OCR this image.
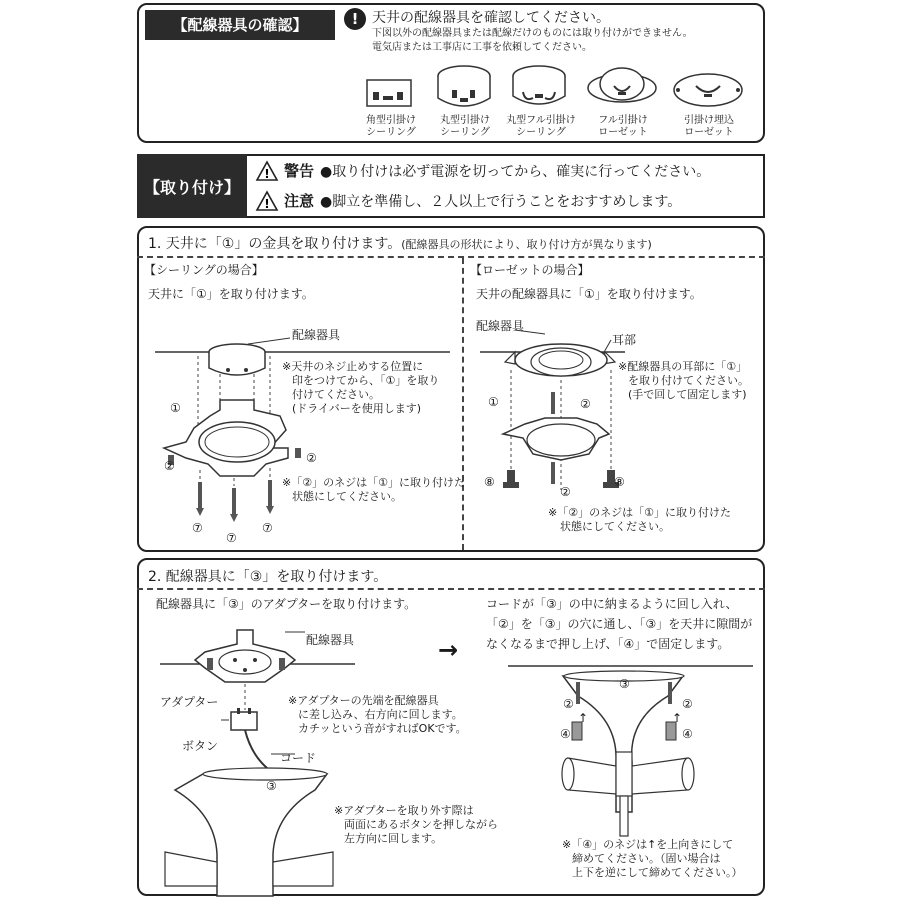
【配線器具の確認】	! 天井の配線器具を確認してください。
下図以外の配線器具または配線だけのものには取り付けができません。
電気店または工事店に工事を依頼してください。
角型引掛け
シーリング
丸型引掛け
シーリング
丸型フル引掛け
シーリング
フル引掛け
ローゼット
引掛け埋込
ローゼット
【取り付け】
! 警告 ●取り付けは必ず電源を切ってから、確実に行ってください。
! 注意 ●脚立を準備し、２人以上で行うことをおすすめします。
1. 天井に「①」の金具を取り付けます。(配線器具の形状により、取り付け方が異なります)
【シーリングの場合】
天井に「①」を取り付けます。
配線器具
①
②
②
⑦
⑦
⑦
※天井のネジ止めする位置に
印をつけてから、「①」を取り
付けてください。
(ドライバーを使用します)
※「②」のネジは「①」に取り付けた
状態にしてください。
【ローゼットの場合】
天井の配線器具に「①」を取り付けます。
配線器具
耳部
①	②
②
⑧	⑧
※配線器具の耳部に「①」
を取り付けてください。
(手で回して固定します)
※「②」のネジは「①」に取り付けた
状態にしてください。
2. 配線器具に「③」を取り付けます。
配線器具に「③」のアダプターを取り付けます。
配線器具
アダプター
ボタン
コード
③
※アダプターの先端を配線器具
に差し込み、右方向に回します。
カチッという音がすればOKです。
※アダプターを取り外す際は
両面にあるボタンを押しながら
左方向に回します。
→
コードが「③」の中に納まるように回し入れ、
「②」を「③」の穴に通し、「③」を天井に隙間が
なくなるまで押し上げ、「④」で固定します。
③
②	②
↑	↑
④	④
※「④」のネジは↑を上向きにして
締めてください。（固い場合は
上下を逆にして締めてください。）
